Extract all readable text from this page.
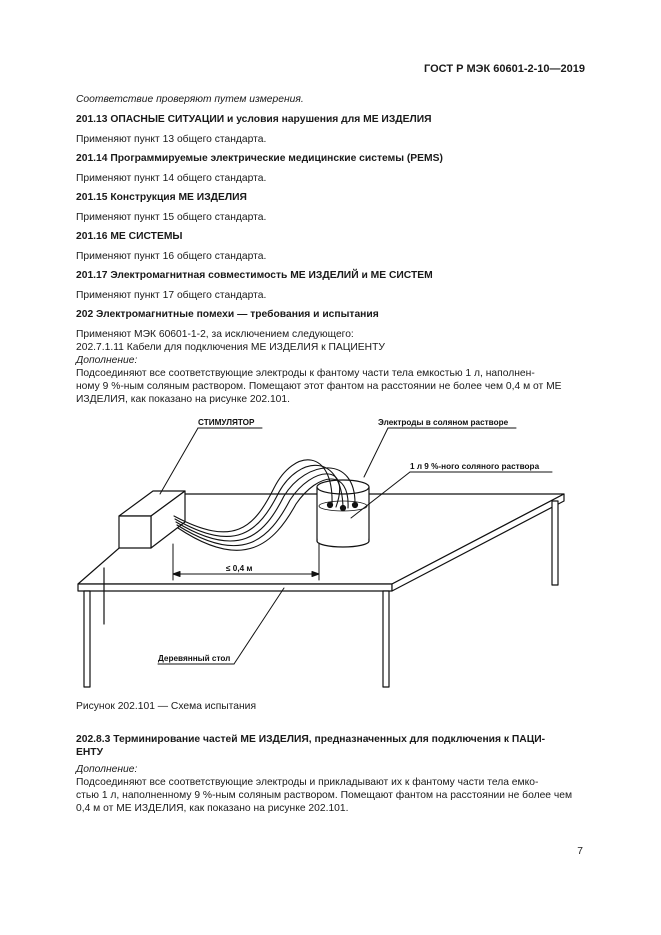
ГОСТ Р МЭК 60601-2-10—2019

Соответствие проверяют путем измерения.

201.13 ОПАСНЫЕ СИТУАЦИИ и условия нарушения для МЕ ИЗДЕЛИЯ

Применяют пункт 13 общего стандарта.

201.14 Программируемые электрические медицинские системы (PEMS)

Применяют пункт 14 общего стандарта.

201.15 Конструкция МЕ ИЗДЕЛИЯ

Применяют пункт 15 общего стандарта.

201.16 МЕ СИСТЕМЫ

Применяют пункт 16 общего стандарта.

201.17 Электромагнитная совместимость МЕ ИЗДЕЛИЙ и МЕ СИСТЕМ

Применяют пункт 17 общего стандарта.

202 Электромагнитные помехи — требования и испытания

Применяют МЭК 60601-1-2, за исключением следующего:

202.7.1.11 Кабели для подключения МЕ ИЗДЕЛИЯ к ПАЦИЕНТУ

Дополнение:

Подсоединяют все соответствующие электроды к фантому части тела емкостью 1 л, наполнен-

ному 9 %-ным соляным раствором. Помещают этот фантом на расстоянии не более чем 0,4 м от МЕ

ИЗДЕЛИЯ, как показано на рисунке 202.101.

СТИМУЛЯТОР	Электроды в соляном растворе
1 л 9 %-ного соляного раствора
≤ 0,4 м
Деревянный стол

Рисунок 202.101 — Схема испытания

202.8.3 Терминирование частей МЕ ИЗДЕЛИЯ, предназначенных для подключения к ПАЦИ-

ЕНТУ

Дополнение:

Подсоединяют все соответствующие электроды и прикладывают их к фантому части тела емко-

стью 1 л, наполненному 9 %-ным соляным раствором. Помещают фантом на расстоянии не более чем

0,4 м от МЕ ИЗДЕЛИЯ, как показано на рисунке 202.101.

7
